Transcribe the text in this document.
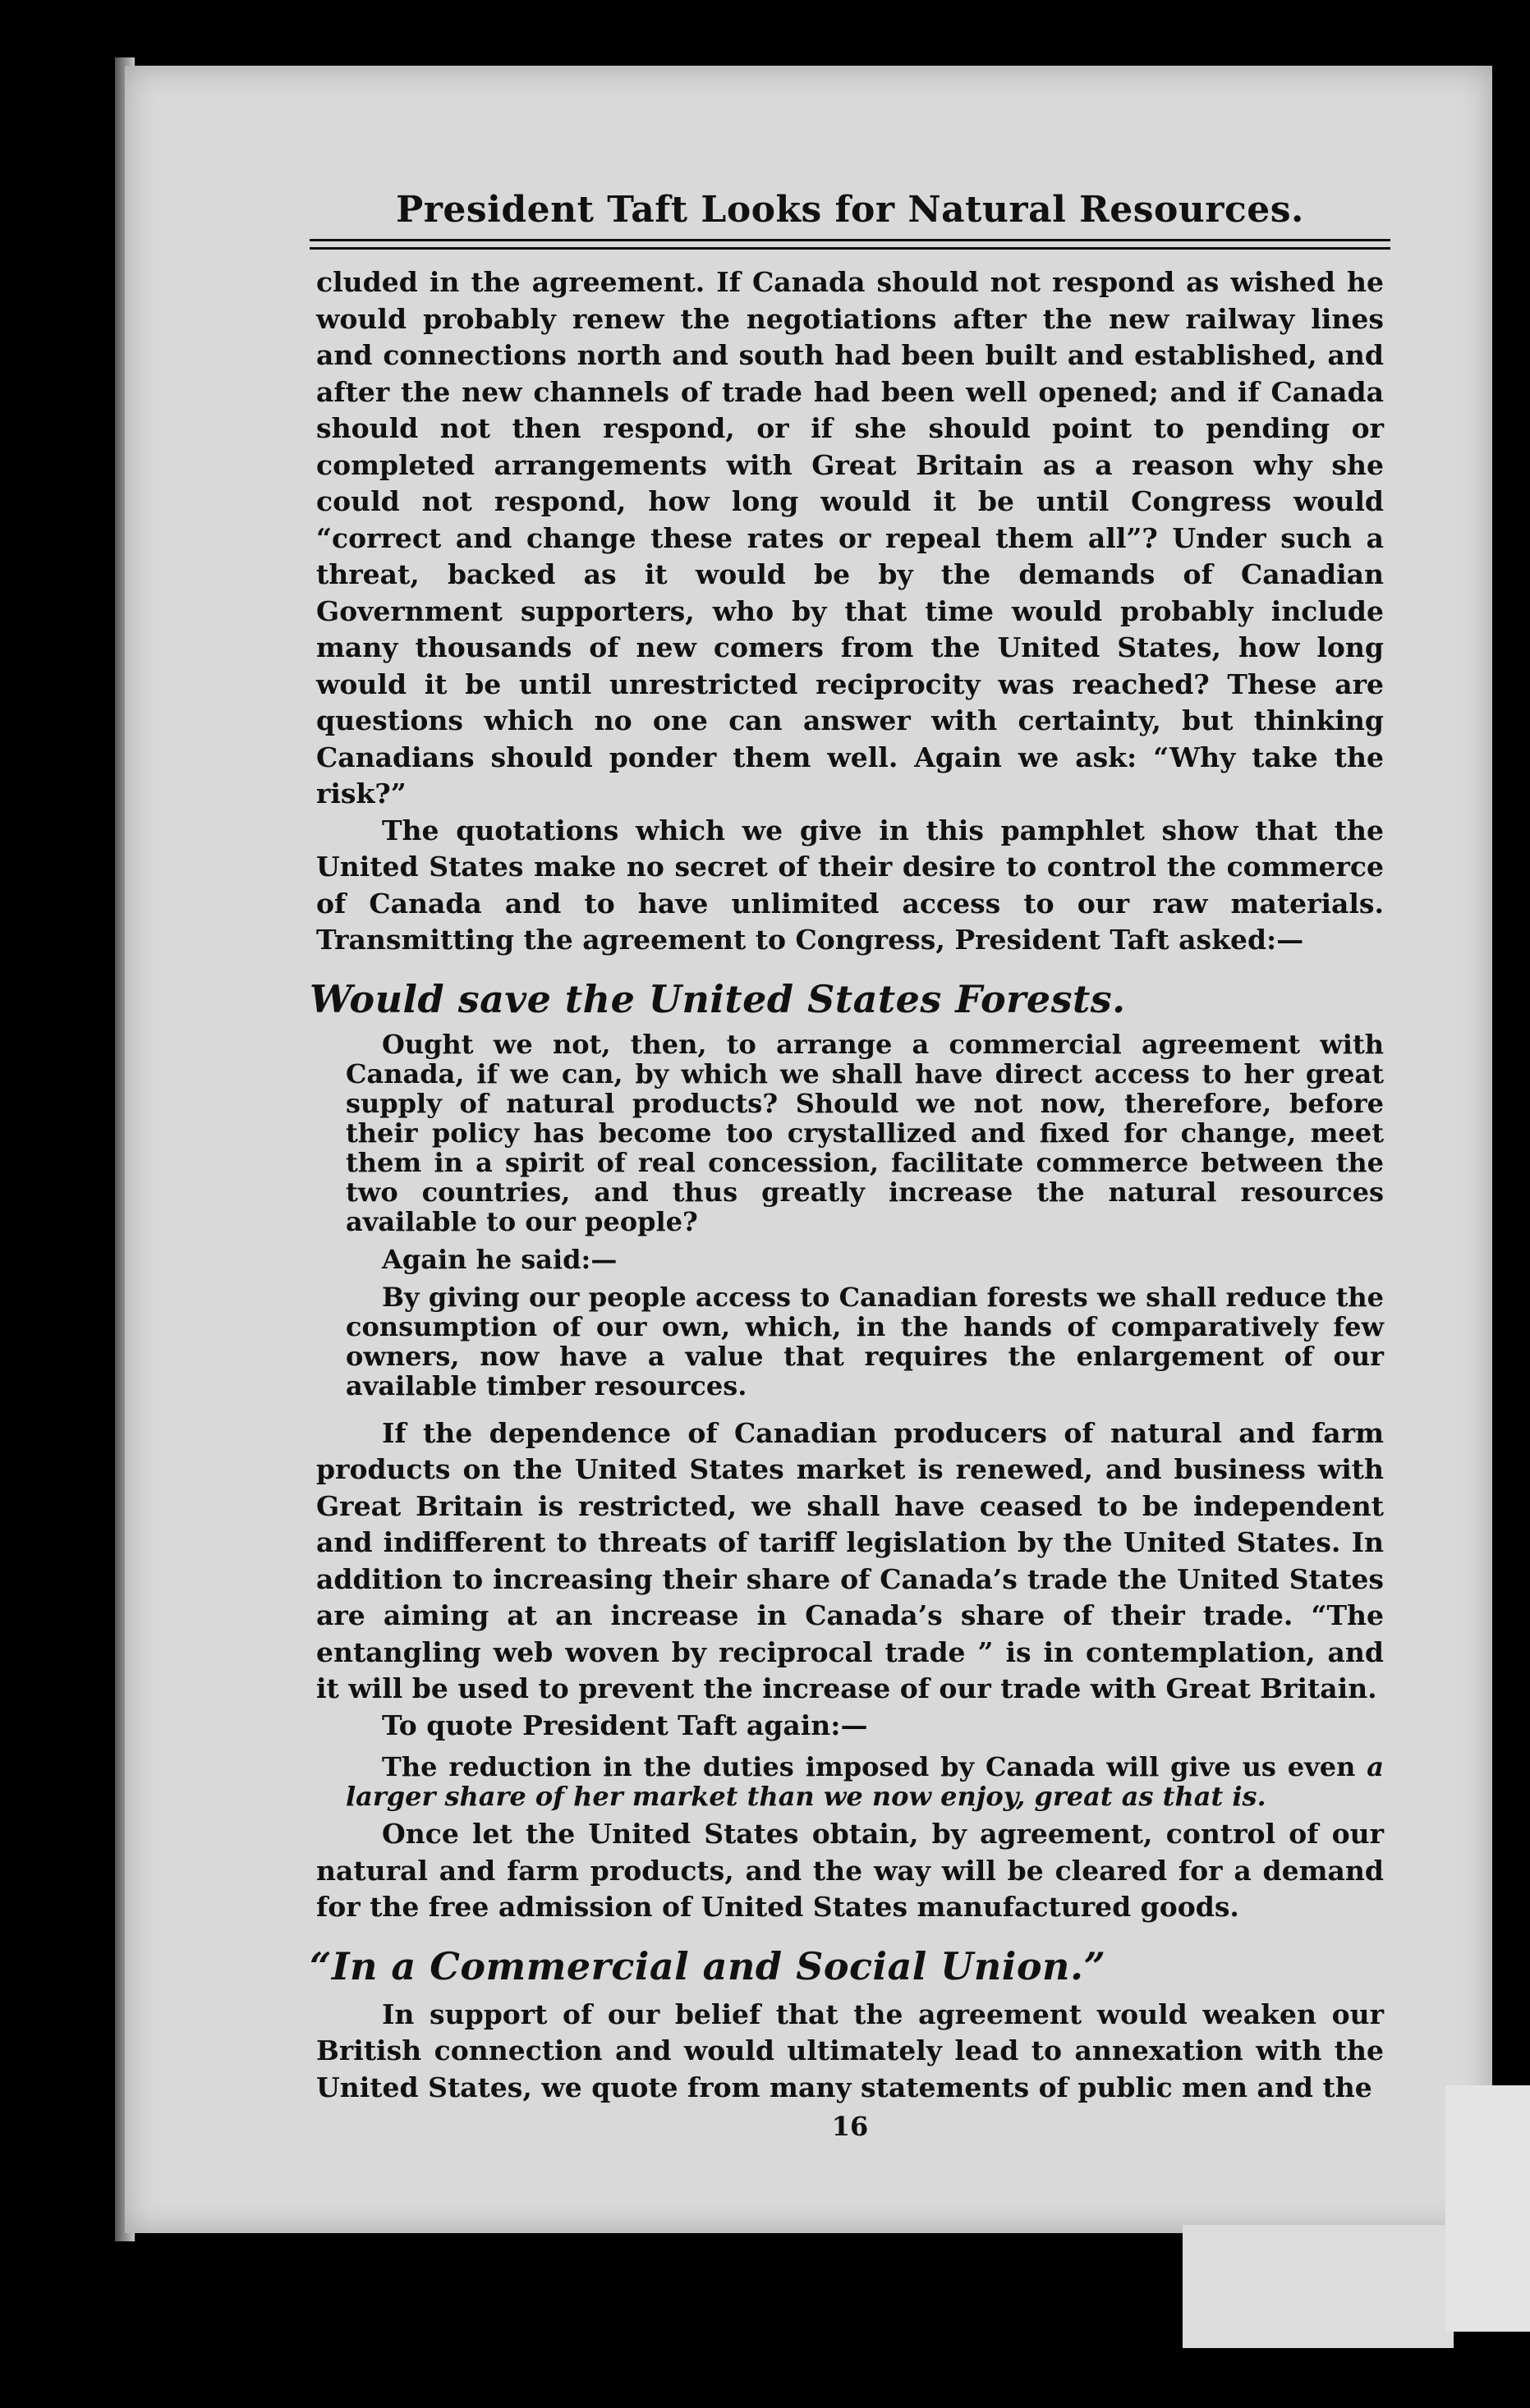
President Taft Looks for Natural Resources.

cluded in the agreement. If Canada should not respond as wished he would probably renew the negotiations after the new railway lines and connections north and south had been built and established, and after the new channels of trade had been well opened; and if Canada should not then respond, or if she should point to pending or completed arrangements with Great Britain as a reason why she could not respond, how long would it be until Congress would “correct and change these rates or repeal them all”? Under such a threat, backed as it would be by the demands of Canadian Government supporters, who by that time would probably include many thousands of new comers from the United States, how long would it be until unrestricted reciprocity was reached? These are questions which no one can answer with certainty, but thinking Canadians should ponder them well. Again we ask: “Why take the risk?”

The quotations which we give in this pamphlet show that the United States make no secret of their desire to control the commerce of Canada and to have unlimited access to our raw materials. Transmitting the agreement to Congress, President Taft asked:—

Would save the United States Forests.
Ought we not, then, to arrange a commercial agreement with Canada, if we can, by which we shall have direct access to her great supply of natural products? Should we not now, therefore, before their policy has become too crystallized and fixed for change, meet them in a spirit of real concession, facilitate commerce between the two countries, and thus greatly increase the natural resources available to our people?
Again he said:—
By giving our people access to Canadian forests we shall reduce the consumption of our own, which, in the hands of comparatively few owners, now have a value that requires the enlargement of our available timber resources.

If the dependence of Canadian producers of natural and farm products on the United States market is renewed, and business with Great Britain is restricted, we shall have ceased to be independent and indifferent to threats of tariff legislation by the United States. In addition to increasing their share of Canada’s trade the United States are aiming at an increase in Canada’s share of their trade. “The entangling web woven by reciprocal trade ” is in contemplation, and it will be used to prevent the increase of our trade with Great Britain.

To quote President Taft again:—

The reduction in the duties imposed by Canada will give us even a larger share of her market than we now enjoy, great as that is.

Once let the United States obtain, by agreement, control of our natural and farm products, and the way will be cleared for a demand for the free admission of United States manufactured goods.

“In a Commercial and Social Union.”

In support of our belief that the agreement would weaken our British connection and would ultimately lead to annexation with the United States, we quote from many statements of public men and the

16
